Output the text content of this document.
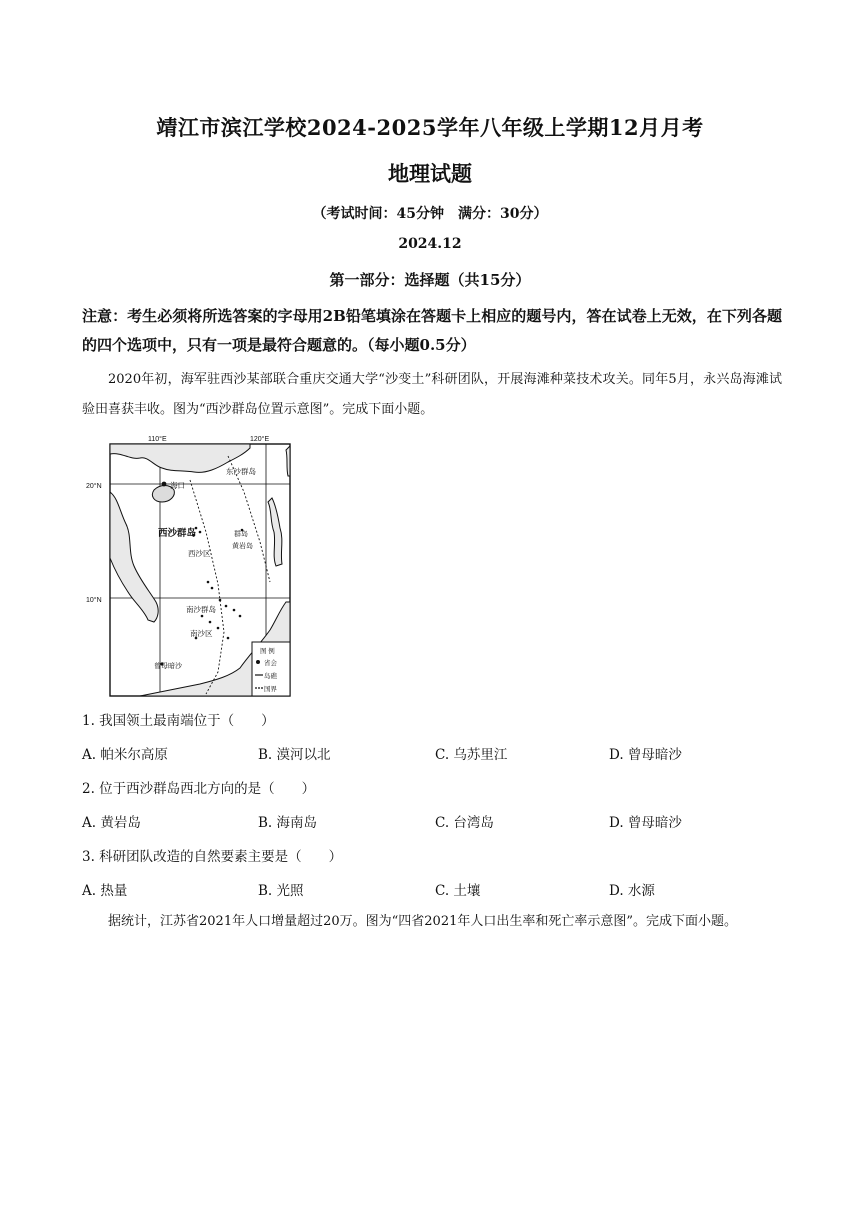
靖江市滨江学校2024-2025学年八年级上学期12月月考
地理试题
（考试时间：45分钟　满分：30分）
2024.12
第一部分：选择题（共15分）
注意：考生必须将所选答案的字母用2B铅笔填涂在答题卡上相应的题号内，答在试卷上无效，在下列各题的四个选项中，只有一项是最符合题意的。（每小题0.5分）
2020年初，海军驻西沙某部联合重庆交通大学“沙变土”科研团队，开展海滩种菜技术攻关。同年5月，永兴岛海滩试验田喜获丰收。图为“西沙群岛位置示意图”。完成下面小题。
110°E	120°E
20°N
10°N
东沙群岛
海口
西沙群岛
西沙区
群岛
黄岩岛
南沙群岛
南沙区
曾母暗沙
图 例
省会
岛礁
国界
1. 我国领土最南端位于（　　）
A. 帕米尔高原	B. 漠河以北	C. 乌苏里江	D. 曾母暗沙
2. 位于西沙群岛西北方向的是（　　）
A. 黄岩岛	B. 海南岛	C. 台湾岛	D. 曾母暗沙
3. 科研团队改造的自然要素主要是（　　）
A. 热量	B. 光照	C. 土壤	D. 水源
据统计，江苏省2021年人口增量超过20万。图为“四省2021年人口出生率和死亡率示意图”。完成下面小题。
